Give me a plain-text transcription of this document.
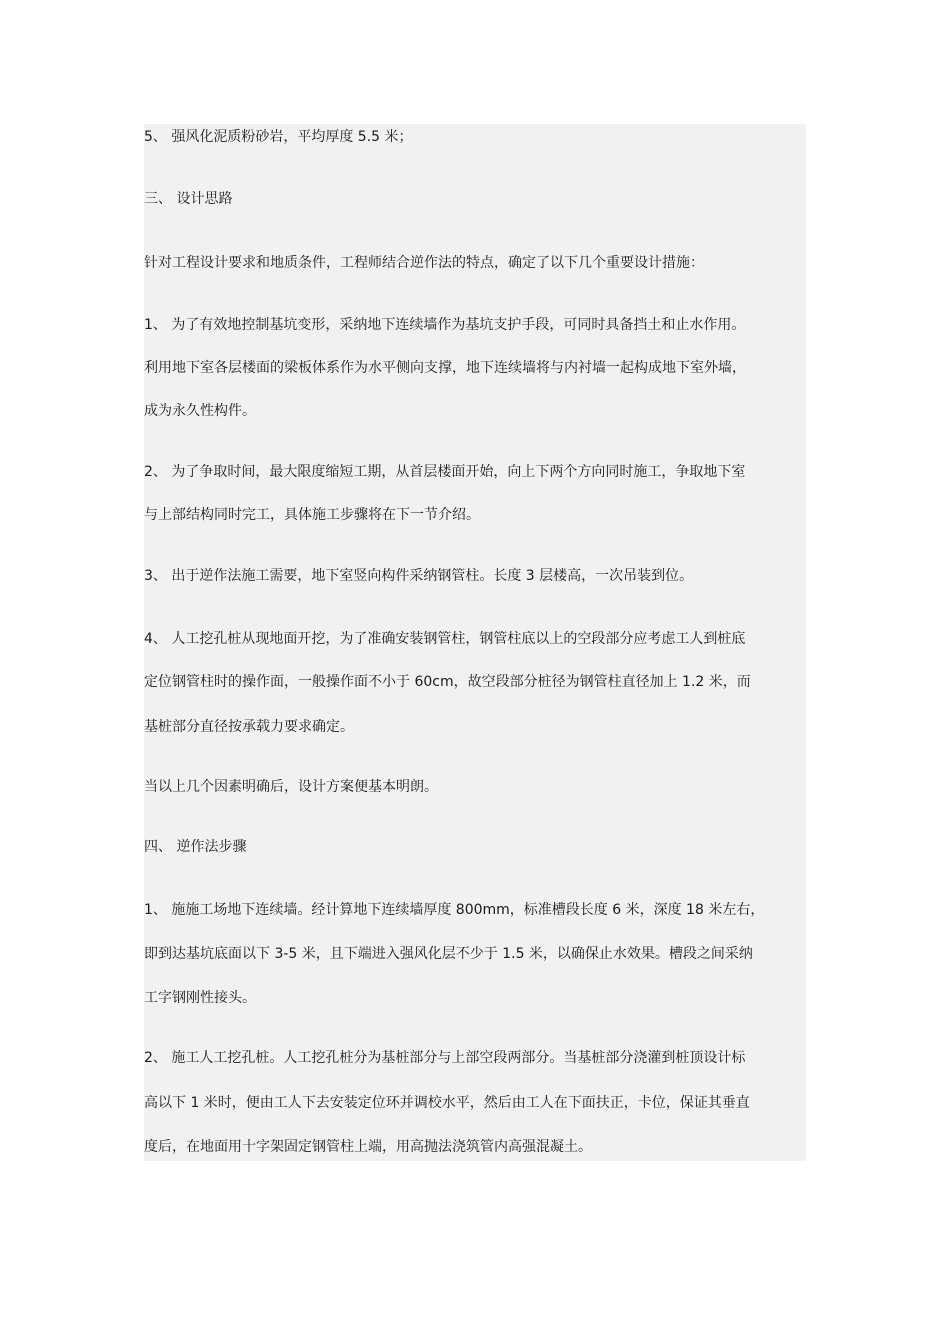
5、 强风化泥质粉砂岩，平均厚度 5.5 米；
三、 设计思路
针对工程设计要求和地质条件，工程师结合逆作法的特点，确定了以下几个重要设计措施：
1、 为了有效地控制基坑变形，采纳地下连续墙作为基坑支护手段，可同时具备挡土和止水作用。
利用地下室各层楼面的梁板体系作为水平侧向支撑，地下连续墙将与内衬墙一起构成地下室外墙，
成为永久性构件。
2、 为了争取时间，最大限度缩短工期，从首层楼面开始，向上下两个方向同时施工，争取地下室
与上部结构同时完工，具体施工步骤将在下一节介绍。
3、 出于逆作法施工需要，地下室竖向构件采纳钢管柱。长度 3 层楼高，一次吊装到位。
4、 人工挖孔桩从现地面开挖，为了准确安装钢管柱，钢管柱底以上的空段部分应考虑工人到桩底
定位钢管柱时的操作面，一般操作面不小于 60cm，故空段部分桩径为钢管柱直径加上 1.2 米，而
基桩部分直径按承载力要求确定。
当以上几个因素明确后，设计方案便基本明朗。
四、 逆作法步骤
1、 施施工场地下连续墙。经计算地下连续墙厚度 800mm，标准槽段长度 6 米，深度 18 米左右，
即到达基坑底面以下 3-5 米，且下端进入强风化层不少于 1.5 米，以确保止水效果。槽段之间采纳
工字钢刚性接头。
2、 施工人工挖孔桩。人工挖孔桩分为基桩部分与上部空段两部分。当基桩部分浇灌到桩顶设计标
高以下 1 米时，便由工人下去安装定位环并调校水平，然后由工人在下面扶正，卡位，保证其垂直
度后，在地面用十字架固定钢管柱上端，用高抛法浇筑管内高强混凝土。
